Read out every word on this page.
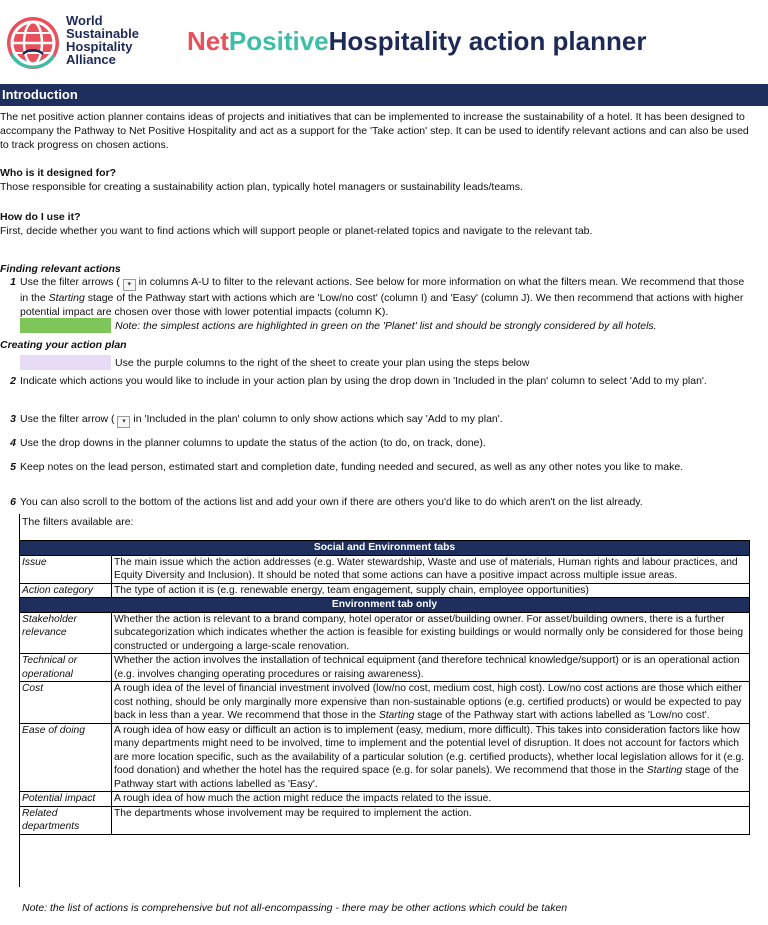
World
Sustainable
Hospitality
Alliance
NetPositiveHospitality action planner
Introduction
The net positive action planner contains ideas of projects and initiatives that can be implemented to increase the sustainability of a hotel. It has been designed to accompany the Pathway to Net Positive Hospitality and act as a support for the 'Take action' step. It can be used to identify relevant actions and can also be used to track progress on chosen actions.
Who is it designed for?
Those responsible for creating a sustainability action plan, typically hotel managers or sustainability leads/teams.
How do I use it?
First, decide whether you want to find actions which will support people or planet-related topics and navigate to the relevant tab.
Finding relevant actions
1 Use the filter arrows ( ▾ in columns A-U to filter to the relevant actions. See below for more information on what the filters mean. We recommend that those in the Starting stage of the Pathway start with actions which are 'Low/no cost' (column I) and 'Easy' (column J). We then recommend that actions with higher potential impact are chosen over those with lower potential impacts (column K).
Note: the simplest actions are highlighted in green on the 'Planet' list and should be strongly considered by all hotels.
Creating your action plan
Use the purple columns to the right of the sheet to create your plan using the steps below
2 Indicate which actions you would like to include in your action plan by using the drop down in 'Included in the plan' column to select 'Add to my plan'.
3 Use the filter arrow ( ▾ in 'Included in the plan' column to only show actions which say 'Add to my plan'.
4 Use the drop downs in the planner columns to update the status of the action (to do, on track, done).
5 Keep notes on the lead person, estimated start and completion date, funding needed and secured, as well as any other notes you like to make.
6 You can also scroll to the bottom of the actions list and add your own if there are others you'd like to do which aren't on the list already.
The filters available are:
Social and Environment tabs	
Issue	The main issue which the action addresses (e.g. Water stewardship, Waste and use of materials, Human rights and labour practices, and Equity Diversity and Inclusion). It should be noted that some actions can have a positive impact across multiple issue areas.
Action category	The type of action it is (e.g. renewable energy, team engagement, supply chain, employee opportunities)
Environment tab only	
Stakeholder relevance	Whether the action is relevant to a brand company, hotel operator or asset/building owner. For asset/building owners, there is a further subcategorization which indicates whether the action is feasible for existing buildings or would normally only be considered for those being constructed or undergoing a large-scale renovation.
Technical or operational	Whether the action involves the installation of technical equipment (and therefore technical knowledge/support) or is an operational action (e.g. involves changing operating procedures or raising awareness).
Cost	A rough idea of the level of financial investment involved (low/no cost, medium cost, high cost). Low/no cost actions are those which either cost nothing, should be only marginally more expensive than non-sustainable options (e.g. certified products) or would be expected to pay back in less than a year. We recommend that those in the Starting stage of the Pathway start with actions labelled as 'Low/no cost'.
Ease of doing	A rough idea of how easy or difficult an action is to implement (easy, medium, more difficult). This takes into consideration factors like how many departments might need to be involved, time to implement and the potential level of disruption. It does not account for factors which are more location specific, such as the availability of a particular solution (e.g. certified products), whether local legislation allows for it (e.g. food donation) and whether the hotel has the required space (e.g. for solar panels). We recommend that those in the Starting stage of the Pathway start with actions labelled as 'Easy'.
Potential impact	A rough idea of how much the action might reduce the impacts related to the issue.
Related departments	The departments whose involvement may be required to implement the action.
Note: the list of actions is comprehensive but not all-encompassing - there may be other actions which could be taken
